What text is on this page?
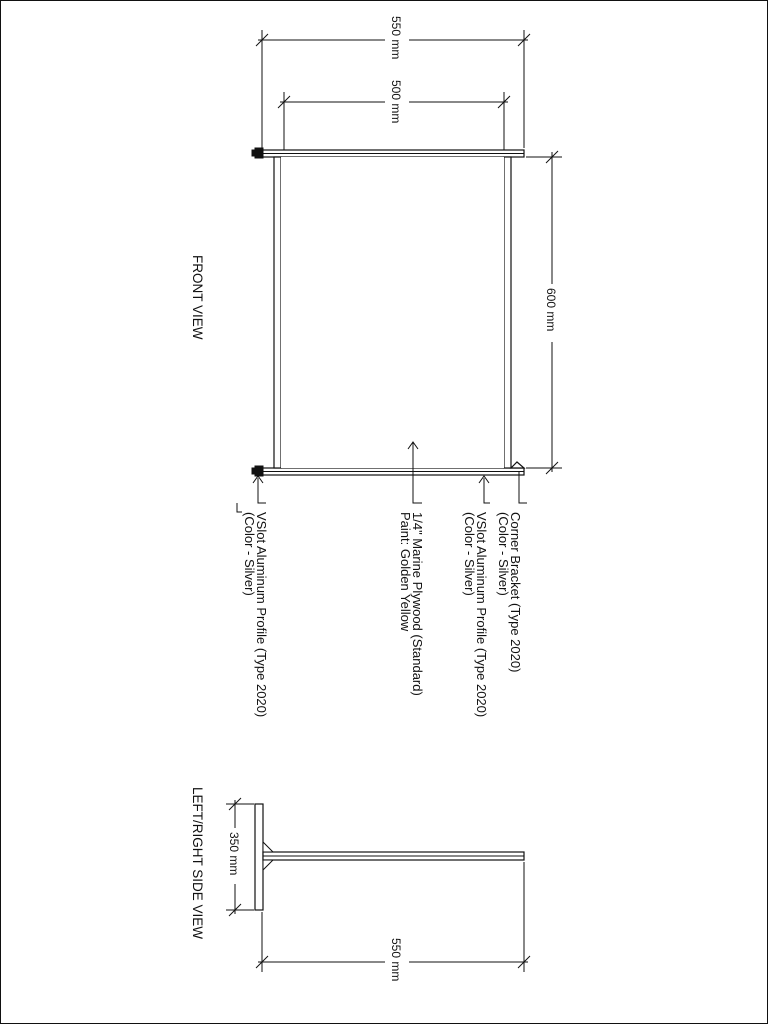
FRONT VIEW
550 mm
500 mm
600 mm
Corner Bracket (Type 2020)
(Color - Silver)
VSlot Aluminum Profile (Type 2020)
(Color - Silver)
1/4" Marine Plywood (Standard)
Paint: Golden Yellow
VSlot Aluminum Profile (Type 2020)
(Color - Silver)
LEFT/RIGHT SIDE VIEW 350 mm
550 mm
